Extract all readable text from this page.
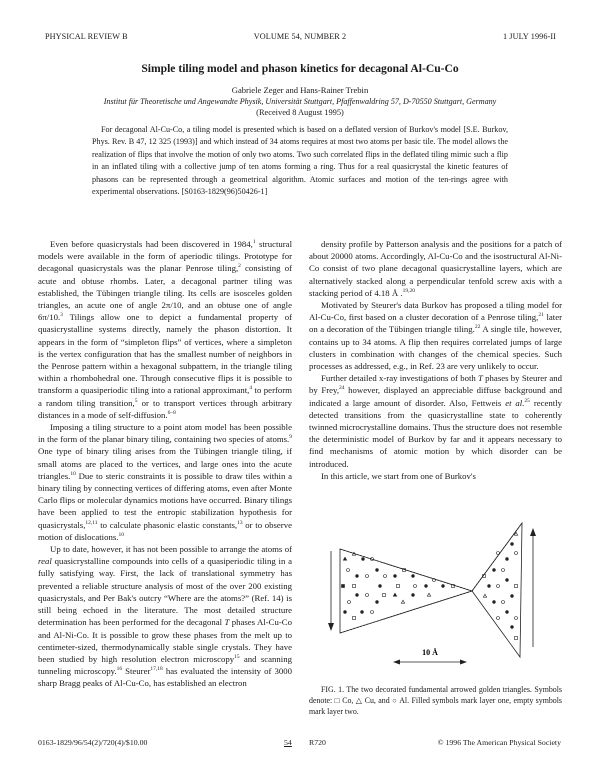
PHYSICAL REVIEW B	VOLUME 54, NUMBER 2	1 JULY 1996-II
Simple tiling model and phason kinetics for decagonal Al-Cu-Co
Gabriele Zeger and Hans-Rainer Trebin
Institut für Theoretische und Angewandte Physik, Universität Stuttgart, Pfaffenwaldring 57, D-70550 Stuttgart, Germany
(Received 8 August 1995)
For decagonal Al-Cu-Co, a tiling model is presented which is based on a deflated version of Burkov's model [S.E. Burkov, Phys. Rev. B 47, 12 325 (1993)] and which instead of 34 atoms requires at most two atoms per basic tile. The model allows the realization of flips that involve the motion of only two atoms. Two such correlated flips in the deflated tiling mimic such a flip in an inflated tiling with a collective jump of ten atoms forming a ring. Thus for a real quasicrystal the kinetic features of phasons can be represented through a geometrical algorithm. Atomic surfaces and motion of the ten-rings agree with experimental observations. [S0163-1829(96)50426-1]

Even before quasicrystals had been discovered in 1984,$^1$ structural models were available in the form of aperiodic tilings. Prototype for decagonal quasicrystals was the planar Penrose tiling,$^2$ consisting of acute and obtuse rhombs. Later, a decagonal partner tiling was established, the Tübingen triangle tiling. Its cells are isosceles golden triangles, an acute one of angle 2π/10, and an obtuse one of angle 6π/10.$^3$ Tilings allow one to depict a fundamental property of quasicrystalline systems directly, namely the phason distortion. It appears in the form of “simpleton flips” of vertices, where a simpleton is the vertex configuration that has the smallest number of neighbors in the Penrose pattern within a hexagonal subpattern, in the triangle tiling within a rhombohedral one. Through consecutive flips it is possible to transform a quasiperiodic tiling into a rational approximant,$^4$ to perform a random tiling transition,$^5$ or to transport vertices through arbitrary distances in a mode of self-diffusion.$^{6-8}$

Imposing a tiling structure to a point atom model has been possible in the form of the planar binary tiling, containing two species of atoms.$^9$ One type of binary tiling arises from the Tübingen triangle tiling, if small atoms are placed to the vertices, and large ones into the acute triangles.$^{10}$ Due to steric constraints it is possible to draw tiles within a binary tiling by connecting vertices of differing atoms, even after Monte Carlo flips or molecular dynamics motions have occurred. Binary tilings have been applied to test the entropic stabilization hypothesis for quasicrystals,$^{12,11}$ to calculate phasonic elastic constants,$^{13}$ or to observe motion of dislocations.$^{10}$

Up to date, however, it has not been possible to arrange the atoms of real quasicrystalline compounds into cells of a quasiperiodic tiling in a fully satisfying way. First, the lack of translational symmetry has prevented a reliable structure analysis of most of the over 200 existing quasicrystals, and Per Bak's outcry “Where are the atoms?” (Ref. 14) is still being echoed in the literature. The most detailed structure determination has been performed for the decagonal T phases Al-Cu-Co and Al-Ni-Co. It is possible to grow these phases from the melt up to centimeter-sized, thermodynamically stable single crystals. They have been studied by high resolution electron microscopy$^{15}$ and scanning tunneling microscopy.$^{16}$ Steurer$^{17,18}$ has evaluated the intensity of 3000 sharp Bragg peaks of Al-Cu-Co, has established an electron

density profile by Patterson analysis and the positions for a patch of about 20000 atoms. Accordingly, Al-Cu-Co and the isostructural Al-Ni-Co consist of two plane decagonal quasicrystalline layers, which are alternatively stacked along a perpendicular tenfold screw axis with a stacking period of 4.18 Å .$^{19,20}$

Motivated by Steurer's data Burkov has proposed a tiling model for Al-Cu-Co, first based on a cluster decoration of a Penrose tiling,$^{21}$ later on a decoration of the Tübingen triangle tiling.$^{22}$ A single tile, however, contains up to 34 atoms. A flip then requires correlated jumps of large clusters in combination with changes of the chemical species. Such processes as addressed, e.g., in Ref. 23 are very unlikely to occur.

Further detailed x-ray investigations of both T phases by Steurer and by Frey,$^{24}$ however, displayed an appreciable diffuse background and indicated a large amount of disorder. Also, Fettweis et al.$^{25}$ recently detected transitions from the quasicrystalline state to coherently twinned microcrystalline domains. Thus the structure does not resemble the deterministic model of Burkov by far and it appears necessary to find mechanisms of atomic motion by which disorder can be introduced.

In this article, we start from one of Burkov's

10 Å
FIG. 1. The two decorated fundamental arrowed golden triangles. Symbols denote: □ Co, △ Cu, and ○ Al. Filled symbols mark layer one, empty symbols mark layer two.
0163-1829/96/54(2)/720(4)/$10.00	54 R720	© 1996 The American Physical Society
